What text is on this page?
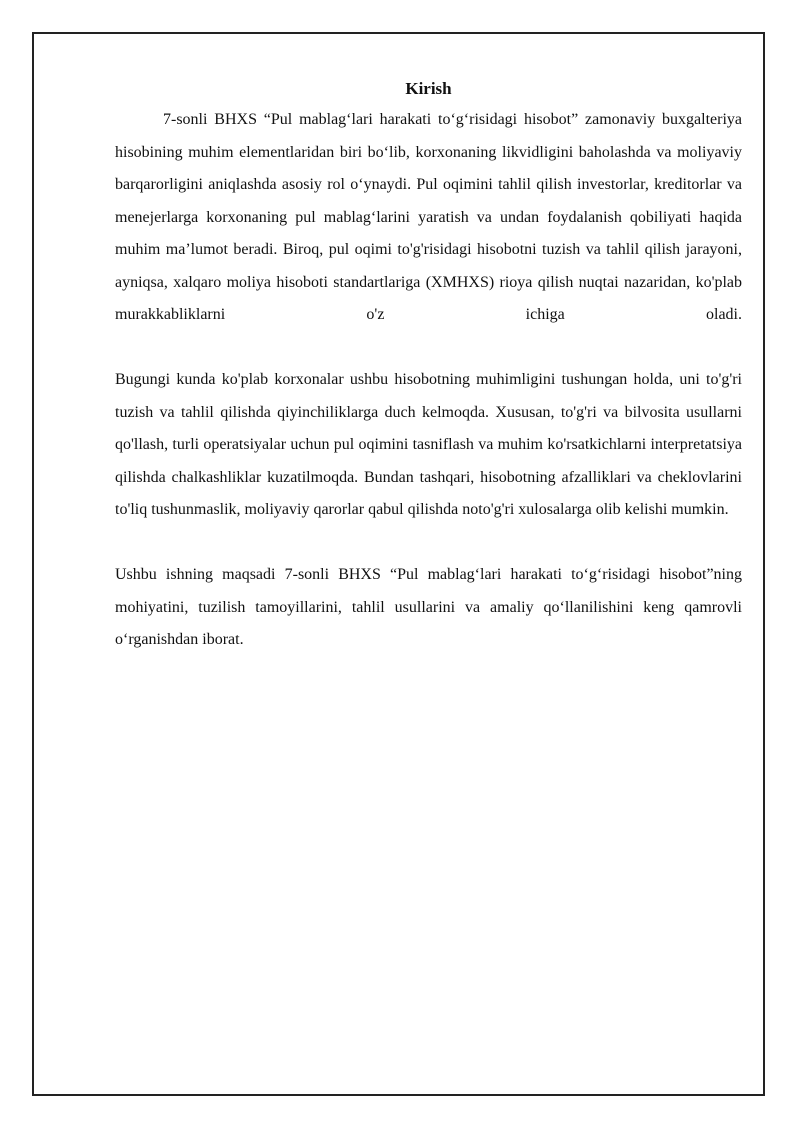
Kirish

7-sonli BHXS “Pul mablag‘lari harakati to‘g‘risidagi hisobot” zamonaviy buxgalteriya hisobining muhim elementlaridan biri bo‘lib, korxonaning likvidligini baholashda va moliyaviy barqarorligini aniqlashda asosiy rol o‘ynaydi. Pul oqimini tahlil qilish investorlar, kreditorlar va menejerlarga korxonaning pul mablag‘larini yaratish va undan foydalanish qobiliyati haqida muhim ma’lumot beradi. Biroq, pul oqimi to'g'risidagi hisobotni tuzish va tahlil qilish jarayoni, ayniqsa, xalqaro moliya hisoboti standartlariga (XMHXS) rioya qilish nuqtai nazaridan, ko'plab murakkabliklarni o'z ichiga oladi.

Bugungi kunda ko'plab korxonalar ushbu hisobotning muhimligini tushungan holda, uni to'g'ri tuzish va tahlil qilishda qiyinchiliklarga duch kelmoqda. Xususan, to'g'ri va bilvosita usullarni qo'llash, turli operatsiyalar uchun pul oqimini tasniflash va muhim ko'rsatkichlarni interpretatsiya qilishda chalkashliklar kuzatilmoqda. Bundan tashqari, hisobotning afzalliklari va cheklovlarini to'liq tushunmaslik, moliyaviy qarorlar qabul qilishda noto'g'ri xulosalarga olib kelishi mumkin.

Ushbu ishning maqsadi 7-sonli BHXS “Pul mablag‘lari harakati to‘g‘risidagi hisobot”ning mohiyatini, tuzilish tamoyillarini, tahlil usullarini va amaliy qo‘llanilishini keng qamrovli o‘rganishdan iborat.
